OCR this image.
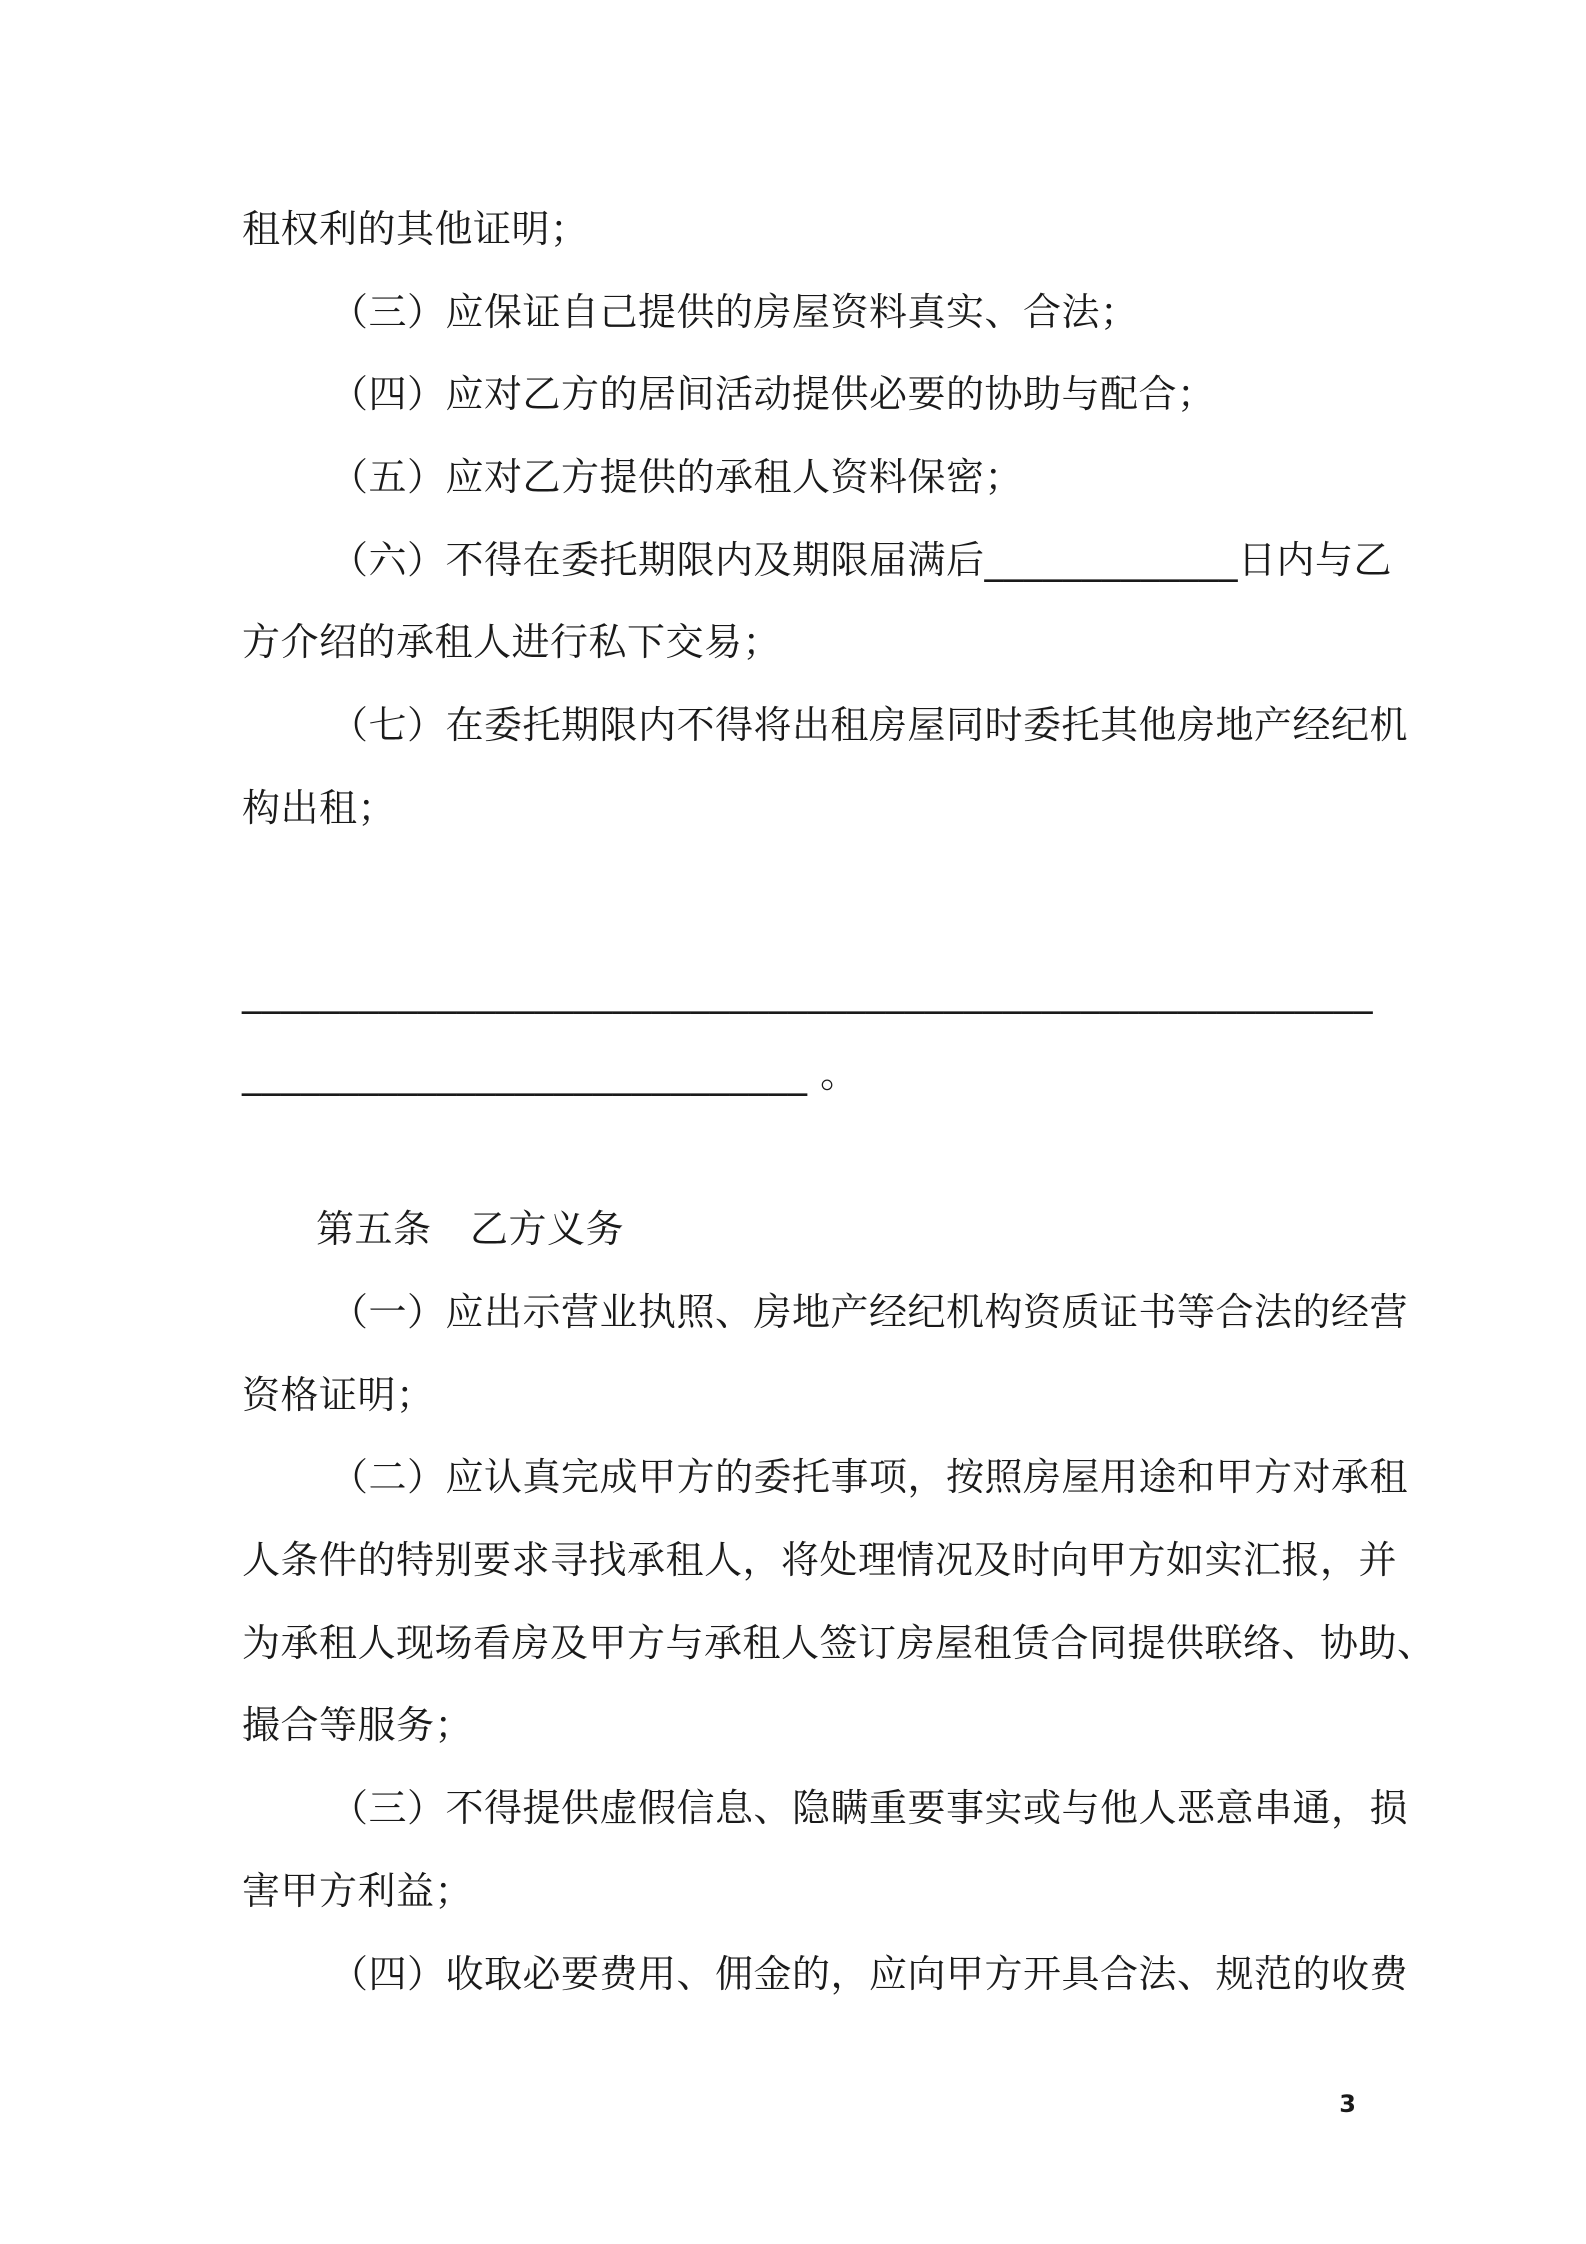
租权利的其他证明；
（三）应保证自己提供的房屋资料真实、合法；
（四）应对乙方的居间活动提供必要的协助与配合；
（五）应对乙方提供的承租人资料保密；
（六）不得在委托期限内及期限届满后_____________日内与乙
方介绍的承租人进行私下交易；
（七）在委托期限内不得将出租房屋同时委托其他房地产经纪机
构出租；
__________________________________________________________
_____________________________ 。
第五条　乙方义务
（一）应出示营业执照、房地产经纪机构资质证书等合法的经营
资格证明；
（二）应认真完成甲方的委托事项，按照房屋用途和甲方对承租
人条件的特别要求寻找承租人，将处理情况及时向甲方如实汇报，并
为承租人现场看房及甲方与承租人签订房屋租赁合同提供联络、协助、
撮合等服务；
（三）不得提供虚假信息、隐瞒重要事实或与他人恶意串通，损
害甲方利益；
（四）收取必要费用、佣金的，应向甲方开具合法、规范的收费
3
